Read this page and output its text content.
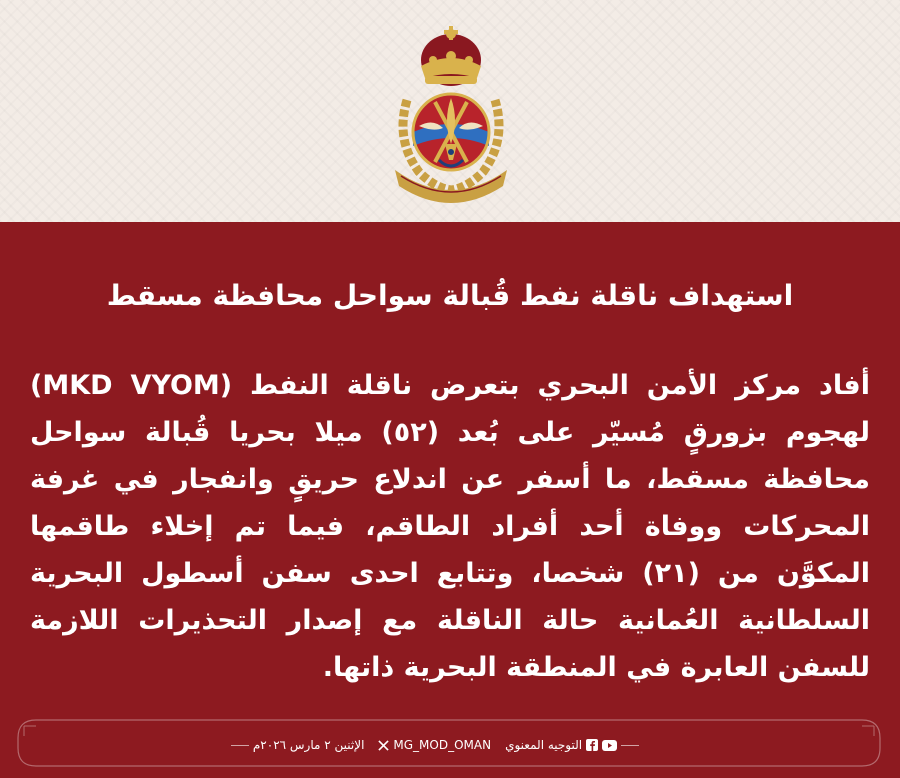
استهداف ناقلة نفط قُبالة سواحل محافظة مسقط
أفاد مركز الأمن البحري بتعرض ناقلة النفط (MKD VYOM) لهجوم بزورقٍ مُسيّر على بُعد (٥٢) ميلا بحريا قُبالة سواحل محافظة مسقط، ما أسفر عن اندلاع حريقٍ وانفجار في غرفة المحركات ووفاة أحد أفراد الطاقم، فيما تم إخلاء طاقمها المكوَّن من (٢١) شخصا، وتتابع احدى سفن أسطول البحرية السلطانية العُمانية حالة الناقلة مع إصدار التحذيرات اللازمة للسفن العابرة في المنطقة البحرية ذاتها.
الإثنين ٢ مارس ٢٠٢٦م MG_MOD_OMAN التوجيه المعنوي
